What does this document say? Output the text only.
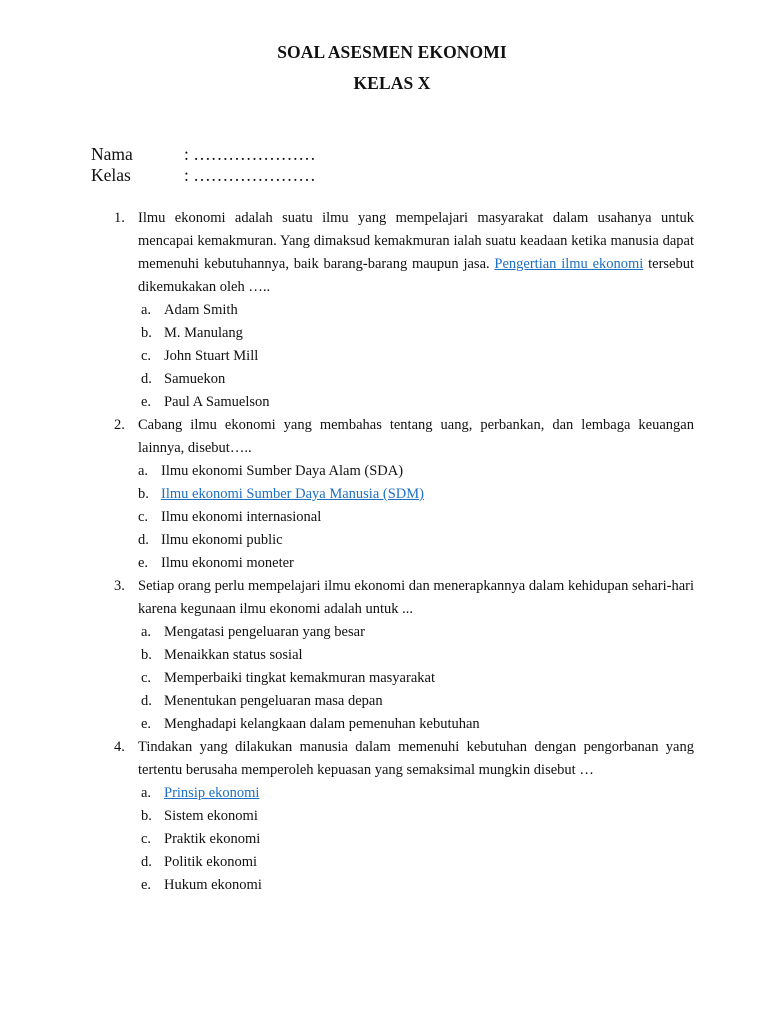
SOAL ASESMEN EKONOMI
KELAS X
Nama	: …………………
Kelas	: …………………
1. Ilmu ekonomi adalah suatu ilmu yang mempelajari masyarakat dalam usahanya untuk mencapai kemakmuran. Yang dimaksud kemakmuran ialah suatu keadaan ketika manusia dapat memenuhi kebutuhannya, baik barang-barang maupun jasa. Pengertian ilmu ekonomi tersebut dikemukakan oleh …..
a. Adam Smith
b. M. Manulang
c. John Stuart Mill
d. Samuekon
e. Paul A Samuelson
2. Cabang ilmu ekonomi yang membahas tentang uang, perbankan, dan lembaga keuangan lainnya, disebut…..
a. Ilmu ekonomi Sumber Daya Alam (SDA)
b. Ilmu ekonomi Sumber Daya Manusia (SDM)
c. Ilmu ekonomi internasional
d. Ilmu ekonomi public
e. Ilmu ekonomi moneter
3. Setiap orang perlu mempelajari ilmu ekonomi dan menerapkannya dalam kehidupan sehari-hari karena kegunaan ilmu ekonomi adalah untuk ...
a. Mengatasi pengeluaran yang besar
b. Menaikkan status sosial
c. Memperbaiki tingkat kemakmuran masyarakat
d. Menentukan pengeluaran masa depan
e. Menghadapi kelangkaan dalam pemenuhan kebutuhan
4. Tindakan yang dilakukan manusia dalam memenuhi kebutuhan dengan pengorbanan yang tertentu berusaha memperoleh kepuasan yang semaksimal mungkin disebut …
a. Prinsip ekonomi
b. Sistem ekonomi
c. Praktik ekonomi
d. Politik ekonomi
e. Hukum ekonomi
